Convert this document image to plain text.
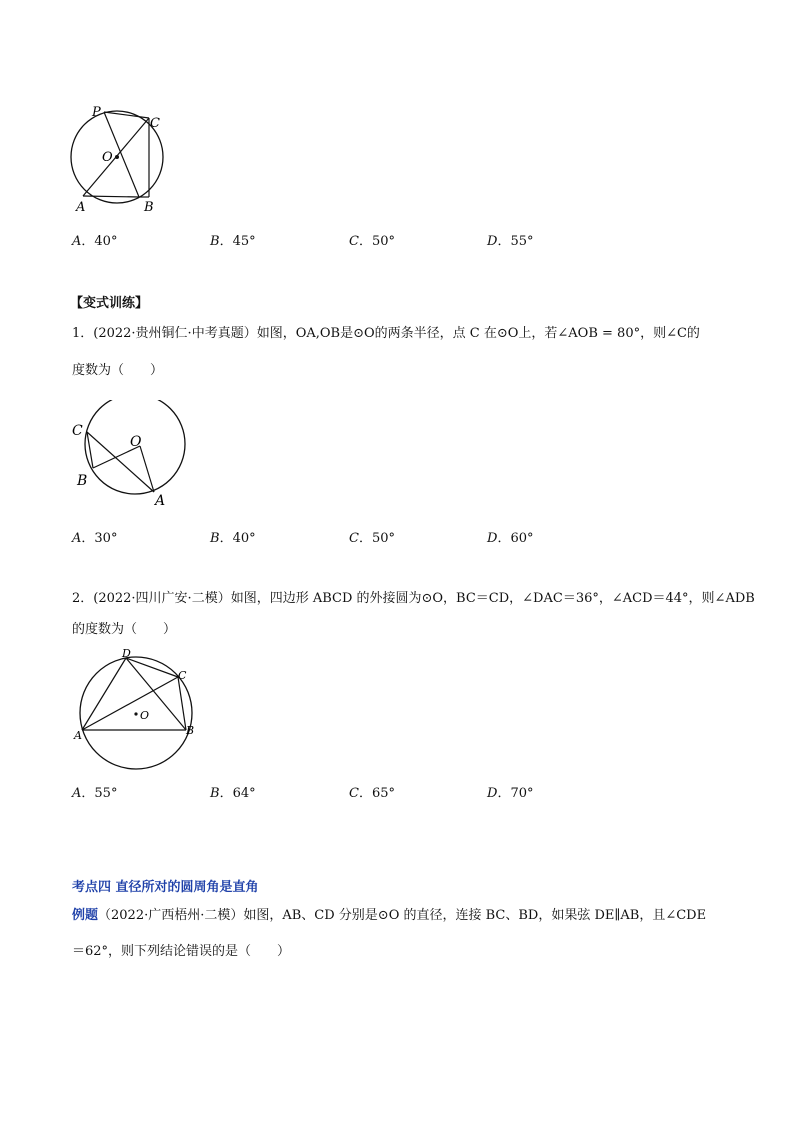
P
C
O
A	B
A．40°	B．45°	C．50°	D．55°
【变式训练】
1．(2022·贵州铜仁·中考真题）如图，OA,OB是⊙O的两条半径，点 C 在⊙O上，若∠AOB = 80°，则∠C的
度数为（　　）
C
O
B
A
A．30°	B．40°	C．50°	D．60°
2．(2022·四川广安·二模）如图，四边形 ABCD 的外接圆为⊙O，BC＝CD，∠DAC＝36°，∠ACD＝44°，则∠ADB
的度数为（　　）
D
C
O
A	B
A．55°	B．64°	C．65°	D．70°
考点四 直径所对的圆周角是直角
例题（2022·广西梧州·二模）如图，AB、CD 分别是⊙O 的直径，连接 BC、BD，如果弦 DE∥AB，且∠CDE
＝62°，则下列结论错误的是（　　）
